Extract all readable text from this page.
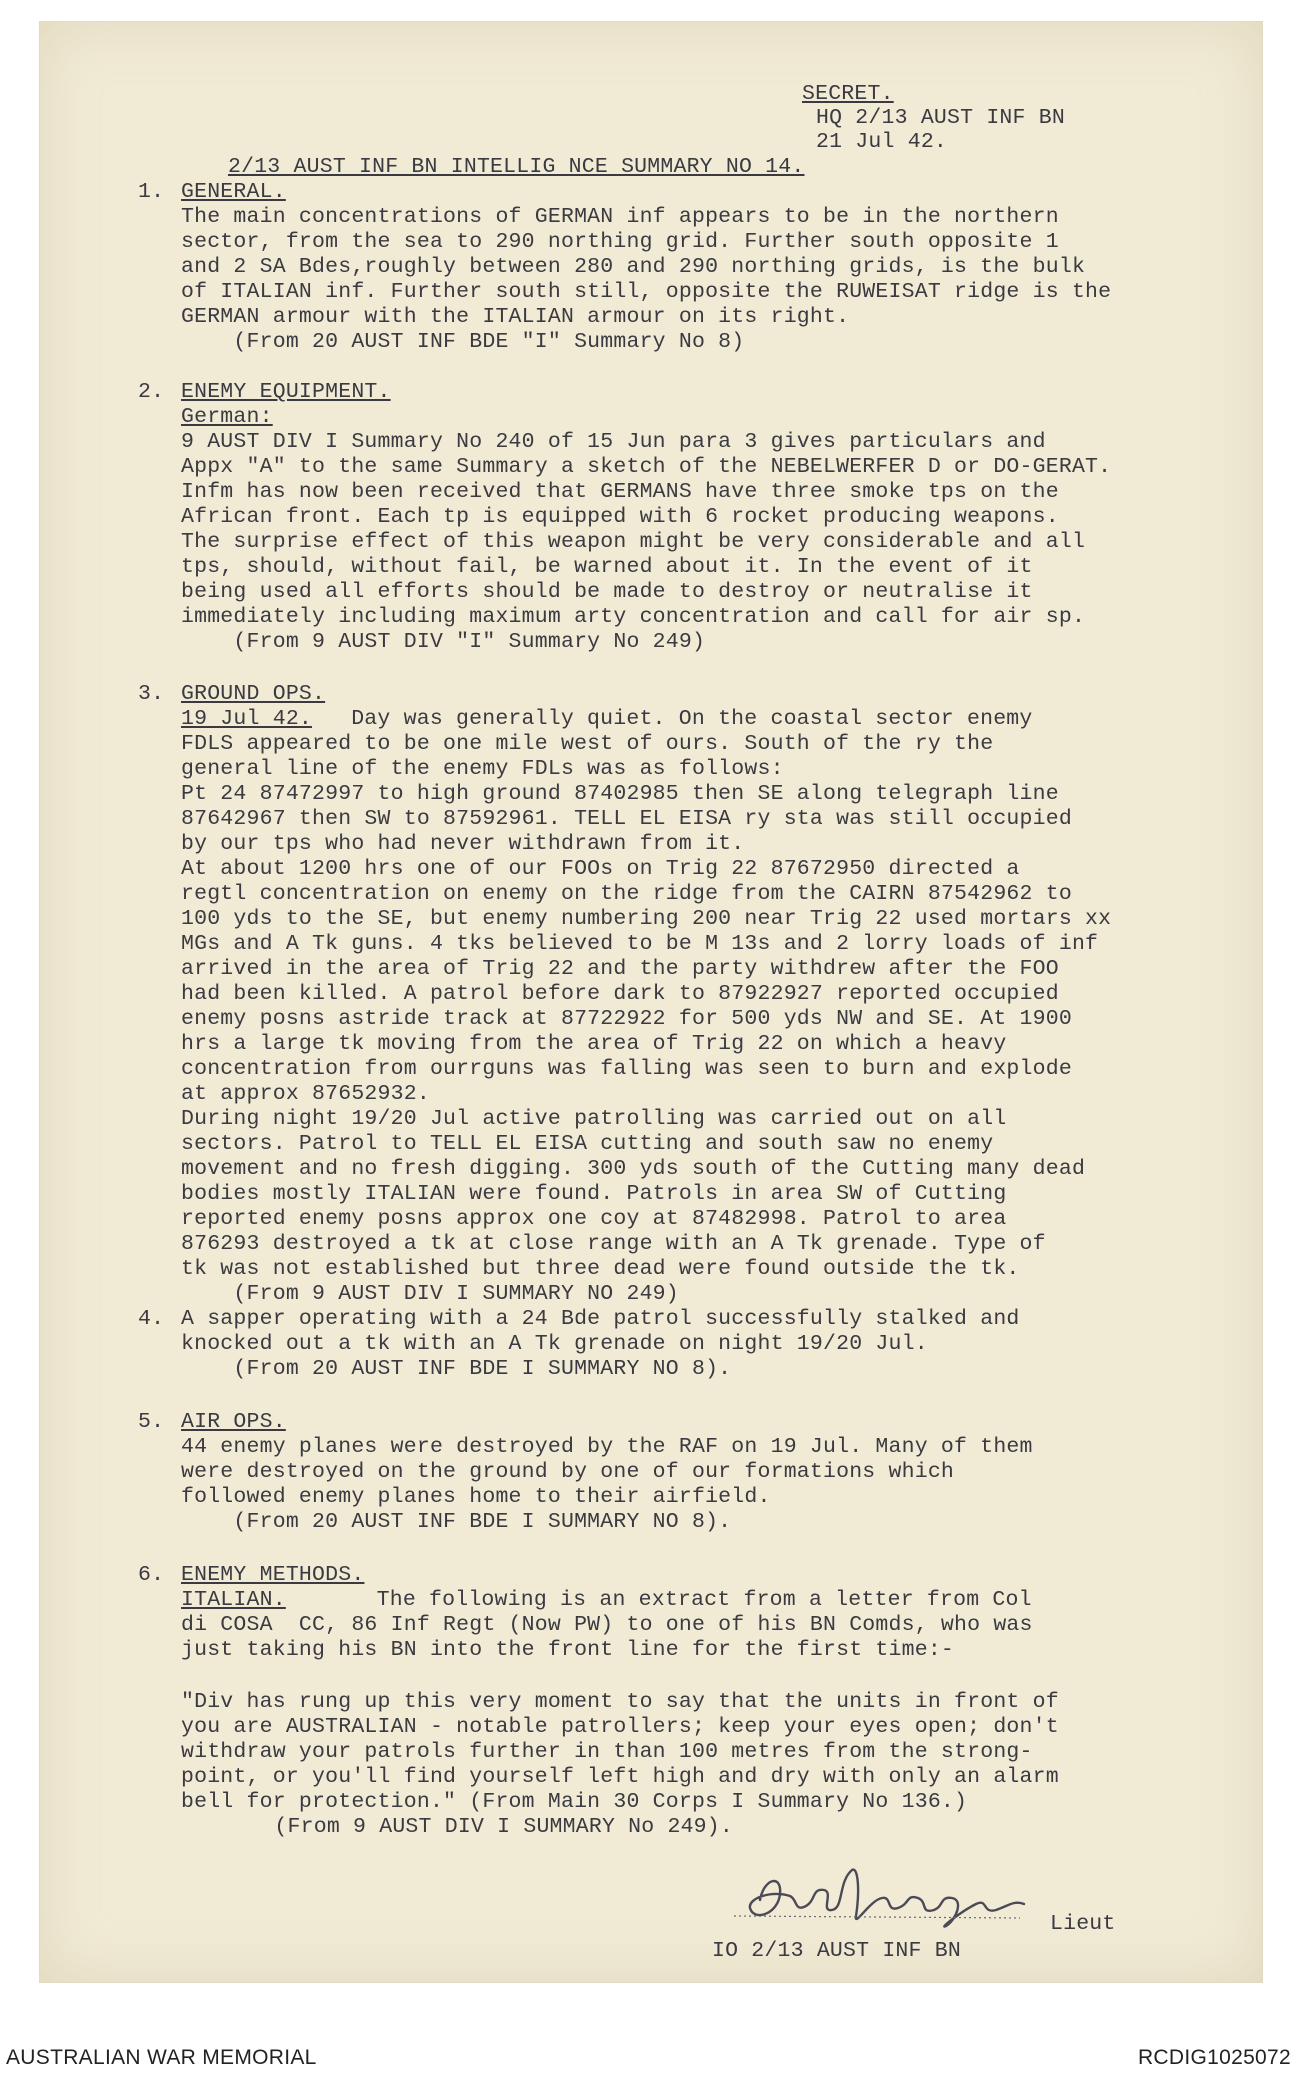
SECRET.
HQ 2/13 AUST INF BN
21 Jul 42.
2/13 AUST INF BN INTELLIG NCE SUMMARY NO 14.
1. GENERAL.
The main concentrations of GERMAN inf appears to be in the northern
sector, from the sea to 290 northing grid. Further south opposite 1
and 2 SA Bdes,roughly between 280 and 290 northing grids, is the bulk
of ITALIAN inf. Further south still, opposite the RUWEISAT ridge is the
GERMAN armour with the ITALIAN armour on its right.
(From 20 AUST INF BDE "I" Summary No 8)
2. ENEMY EQUIPMENT.
German:
9 AUST DIV I Summary No 240 of 15 Jun para 3 gives particulars and
Appx "A" to the same Summary a sketch of the NEBELWERFER D or DO-GERAT.
Infm has now been received that GERMANS have three smoke tps on the
African front. Each tp is equipped with 6 rocket producing weapons.
The surprise effect of this weapon might be very considerable and all
tps, should, without fail, be warned about it. In the event of it
being used all efforts should be made to destroy or neutralise it
immediately including maximum arty concentration and call for air sp.
(From 9 AUST DIV "I" Summary No 249)
3. GROUND OPS.
19 Jul 42. Day was generally quiet. On the coastal sector enemy
FDLS appeared to be one mile west of ours. South of the ry the
general line of the enemy FDLs was as follows:
Pt 24 87472997 to high ground 87402985 then SE along telegraph line
87642967 then SW to 87592961. TELL EL EISA ry sta was still occupied
by our tps who had never withdrawn from it.
At about 1200 hrs one of our FOOs on Trig 22 87672950 directed a
regtl concentration on enemy on the ridge from the CAIRN 87542962 to
100 yds to the SE, but enemy numbering 200 near Trig 22 used mortars xx
MGs and A Tk guns. 4 tks believed to be M 13s and 2 lorry loads of inf
arrived in the area of Trig 22 and the party withdrew after the FOO
had been killed. A patrol before dark to 87922927 reported occupied
enemy posns astride track at 87722922 for 500 yds NW and SE. At 1900
hrs a large tk moving from the area of Trig 22 on which a heavy
concentration from ourrguns was falling was seen to burn and explode
at approx 87652932.
During night 19/20 Jul active patrolling was carried out on all
sectors. Patrol to TELL EL EISA cutting and south saw no enemy
movement and no fresh digging. 300 yds south of the Cutting many dead
bodies mostly ITALIAN were found. Patrols in area SW of Cutting
reported enemy posns approx one coy at 87482998. Patrol to area
876293 destroyed a tk at close range with an A Tk grenade. Type of
tk was not established but three dead were found outside the tk.
(From 9 AUST DIV I SUMMARY NO 249)
4. A sapper operating with a 24 Bde patrol successfully stalked and
knocked out a tk with an A Tk grenade on night 19/20 Jul.
(From 20 AUST INF BDE I SUMMARY NO 8).
5. AIR OPS.
44 enemy planes were destroyed by the RAF on 19 Jul. Many of them
were destroyed on the ground by one of our formations which
followed enemy planes home to their airfield.
(From 20 AUST INF BDE I SUMMARY NO 8).
6. ENEMY METHODS.
ITALIAN. The following is an extract from a letter from Col
di COSA  CC, 86 Inf Regt (Now PW) to one of his BN Comds, who was
just taking his BN into the front line for the first time:-
"Div has rung up this very moment to say that the units in front of
you are AUSTRALIAN - notable patrollers; keep your eyes open; don't
withdraw your patrols further in than 100 metres from the strong-
point, or you'll find yourself left high and dry with only an alarm
bell for protection." (From Main 30 Corps I Summary No 136.)
(From 9 AUST DIV I SUMMARY No 249).
Lieut
IO 2/13 AUST INF BN
AUSTRALIAN WAR MEMORIAL	RCDIG1025072
